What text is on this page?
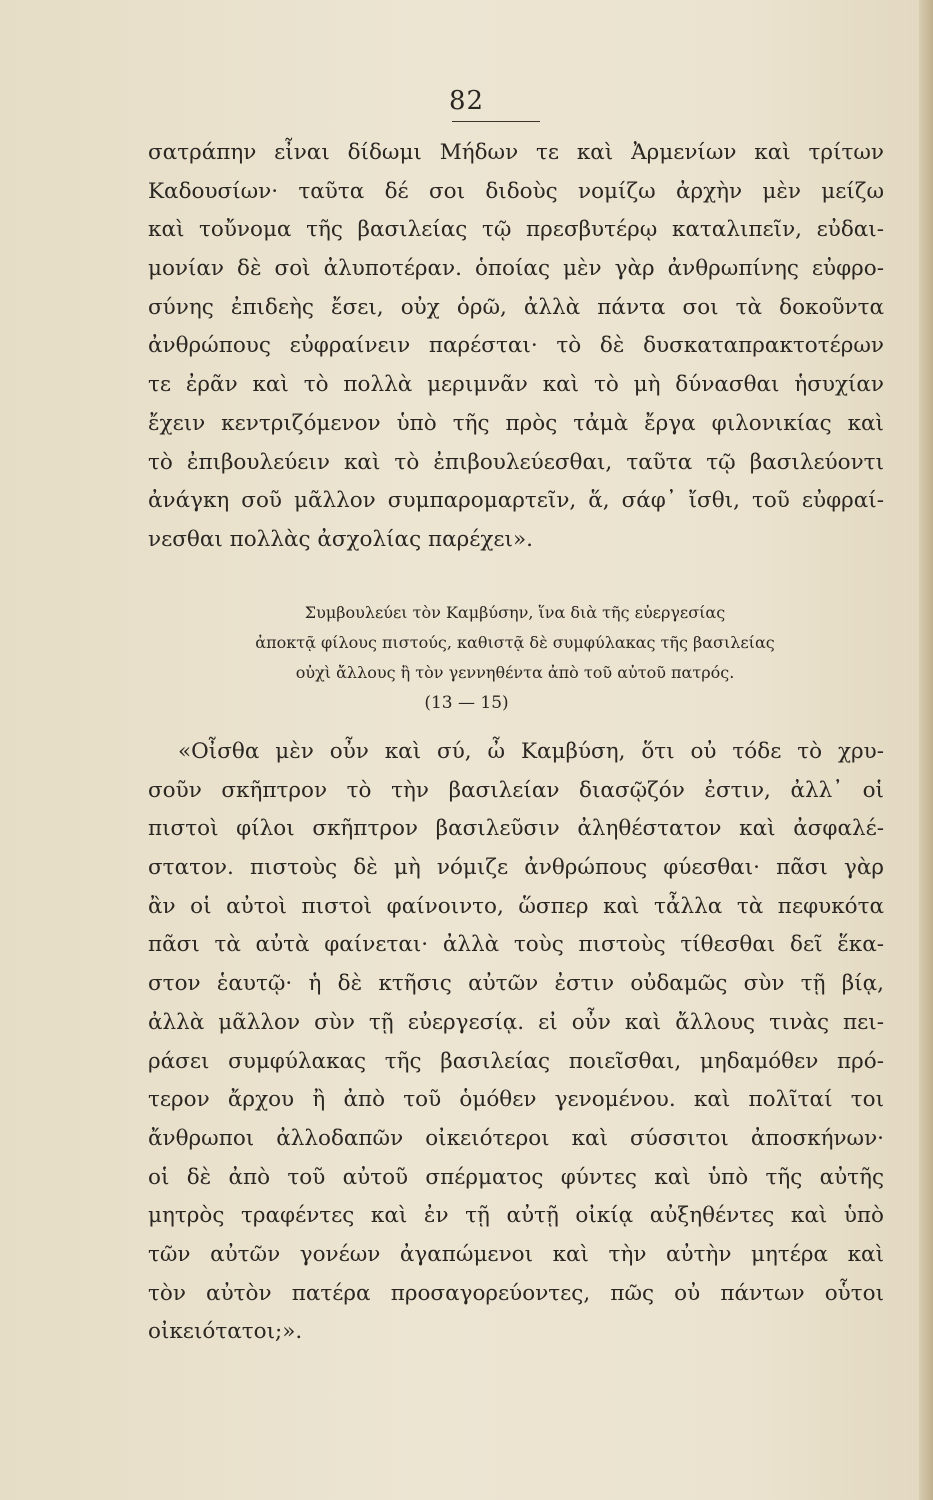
82
σατράπην εἶναι δίδωμι Μήδων τε καὶ Ἀρμενίων καὶ τρίτων
Καδουσίων· ταῦτα δέ σοι διδοὺς νομίζω ἀρχὴν μὲν μείζω
καὶ τοὔνομα τῆς βασιλείας τῷ πρεσβυτέρῳ καταλιπεῖν, εὐδαι-
μονίαν δὲ σοὶ ἀλυποτέραν. ὁποίας μὲν γὰρ ἀνθρωπίνης εὐφρο-
σύνης ἐπιδεὴς ἔσει, οὐχ ὁρῶ, ἀλλὰ πάντα σοι τὰ δοκοῦντα
ἀνθρώπους εὐφραίνειν παρέσται· τὸ δὲ δυσκαταπρακτοτέρων
τε ἐρᾶν καὶ τὸ πολλὰ μεριμνᾶν καὶ τὸ μὴ δύνασθαι ἡσυχίαν
ἔχειν κεντριζόμενον ὑπὸ τῆς πρὸς τἀμὰ ἔργα φιλονικίας καὶ
τὸ ἐπιβουλεύειν καὶ τὸ ἐπιβουλεύεσθαι, ταῦτα τῷ βασιλεύοντι
ἀνάγκη σοῦ μᾶλλον συμπαρομαρτεῖν, ἅ, σάφ᾽ ἴσθι, τοῦ εὐφραί-
νεσθαι πολλὰς ἀσχολίας παρέχει».
Συμβουλεύει τὸν Καμβύσην, ἵνα διὰ τῆς εὐεργεσίας
ἀποκτᾷ φίλους πιστούς, καθιστᾷ δὲ συμφύλακας τῆς βασιλείας
οὐχὶ ἄλλους ἢ τὸν γεννηθέντα ἀπὸ τοῦ αὐτοῦ πατρός.
(13 — 15)
«Οἶσθα μὲν οὖν καὶ σύ, ὦ Καμβύση, ὅτι οὐ τόδε τὸ χρυ-
σοῦν σκῆπτρον τὸ τὴν βασιλείαν διασῷζόν ἐστιν, ἀλλ᾽ οἱ
πιστοὶ φίλοι σκῆπτρον βασιλεῦσιν ἀληθέστατον καὶ ἀσφαλέ-
στατον. πιστοὺς δὲ μὴ νόμιζε ἀνθρώπους φύεσθαι· πᾶσι γὰρ
ἂν οἱ αὐτοὶ πιστοὶ φαίνοιντο, ὥσπερ καὶ τἆλλα τὰ πεφυκότα
πᾶσι τὰ αὐτὰ φαίνεται· ἀλλὰ τοὺς πιστοὺς τίθεσθαι δεῖ ἕκα-
στον ἑαυτῷ· ἡ δὲ κτῆσις αὐτῶν ἐστιν οὐδαμῶς σὺν τῇ βίᾳ,
ἀλλὰ μᾶλλον σὺν τῇ εὐεργεσίᾳ. εἰ οὖν καὶ ἄλλους τινὰς πει-
ράσει συμφύλακας τῆς βασιλείας ποιεῖσθαι, μηδαμόθεν πρό-
τερον ἄρχου ἢ ἀπὸ τοῦ ὁμόθεν γενομένου. καὶ πολῖταί τοι
ἄνθρωποι ἀλλοδαπῶν οἰκειότεροι καὶ σύσσιτοι ἀποσκήνων·
οἱ δὲ ἀπὸ τοῦ αὐτοῦ σπέρματος φύντες καὶ ὑπὸ τῆς αὐτῆς
μητρὸς τραφέντες καὶ ἐν τῇ αὐτῇ οἰκίᾳ αὐξηθέντες καὶ ὑπὸ
τῶν αὐτῶν γονέων ἀγαπώμενοι καὶ τὴν αὐτὴν μητέρα καὶ
τὸν αὐτὸν πατέρα προσαγορεύοντες, πῶς οὐ πάντων οὗτοι
οἰκειότατοι;».
